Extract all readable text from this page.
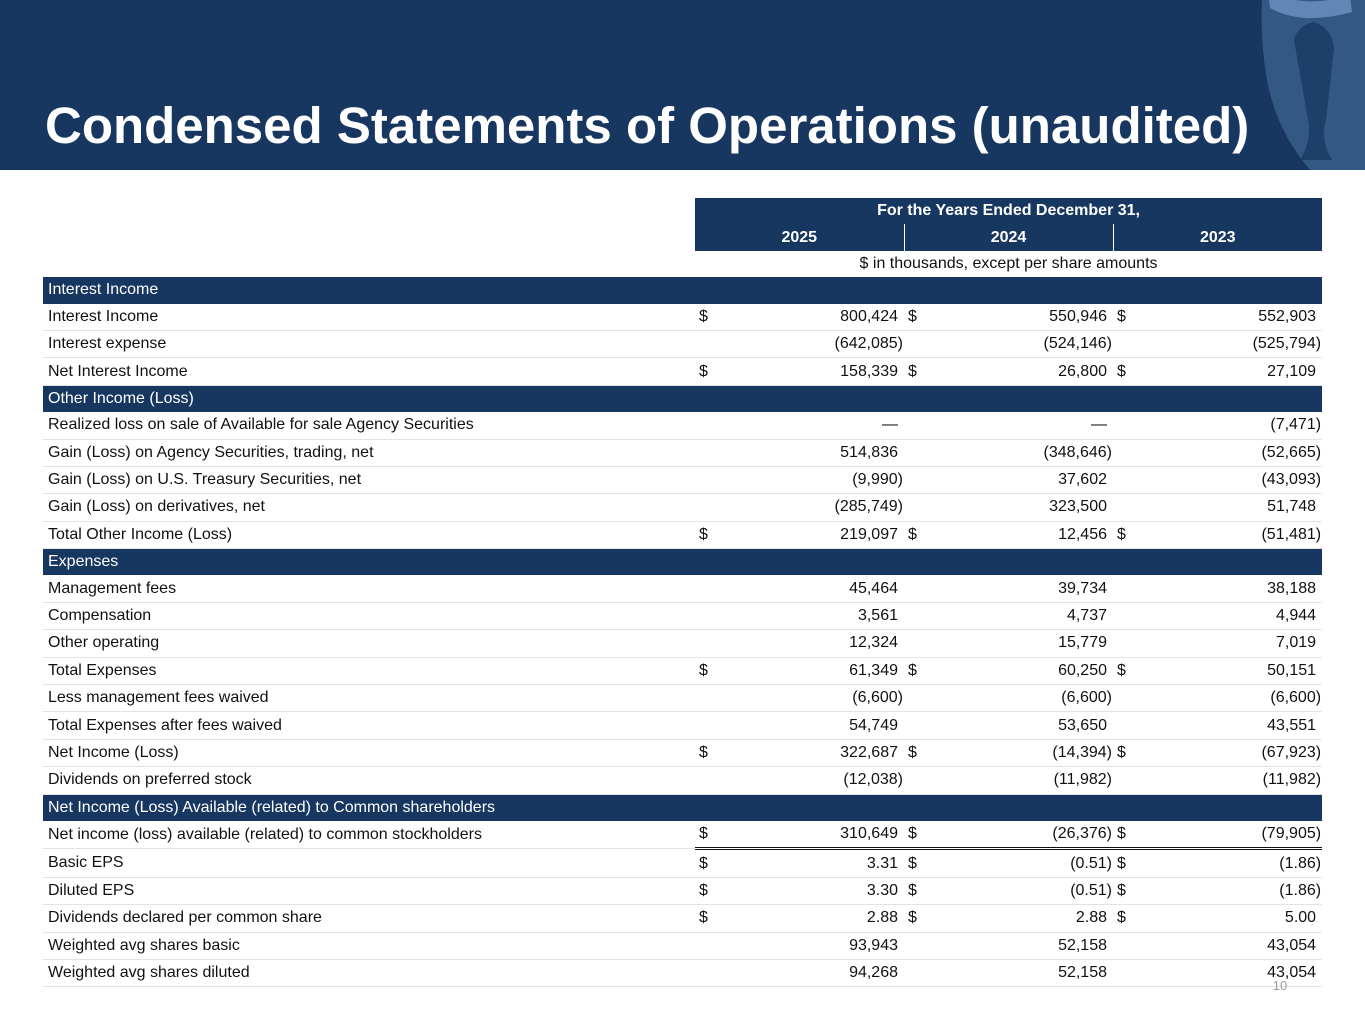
Condensed Statements of Operations (unaudited)
	For the Years Ended December 31,					
	2025		2024		2023	
	$ in thousands, except per share amounts					
Interest Income						
Interest Income	$	800,424	$	550,946	$	552,903
Interest expense		(642,085)		(524,146)		(525,794)
Net Interest Income	$	158,339	$	26,800	$	27,109
Other Income (Loss)						
Realized loss on sale of Available for sale Agency Securities		—		—		(7,471)
Gain (Loss) on Agency Securities, trading, net		514,836		(348,646)		(52,665)
Gain (Loss) on U.S. Treasury Securities, net		(9,990)		37,602		(43,093)
Gain (Loss) on derivatives, net		(285,749)		323,500		51,748
Total Other Income (Loss)	$	219,097	$	12,456	$	(51,481)
Expenses						
Management fees		45,464		39,734		38,188
Compensation		3,561		4,737		4,944
Other operating		12,324		15,779		7,019
Total Expenses	$	61,349	$	60,250	$	50,151
Less management fees waived		(6,600)		(6,600)		(6,600)
Total Expenses after fees waived		54,749		53,650		43,551
Net Income (Loss)	$	322,687	$	(14,394)	$	(67,923)
Dividends on preferred stock		(12,038)		(11,982)		(11,982)
Net Income (Loss) Available (related) to Common shareholders						
Net income (loss) available (related) to common stockholders	$	310,649	$	(26,376)	$	(79,905)
Basic EPS	$	3.31	$	(0.51)	$	(1.86)
Diluted EPS	$	3.30	$	(0.51)	$	(1.86)
Dividends declared per common share	$	2.88	$	2.88	$	5.00
Weighted avg shares basic		93,943		52,158		43,054
Weighted avg shares diluted		94,268		52,158		43,054
10
